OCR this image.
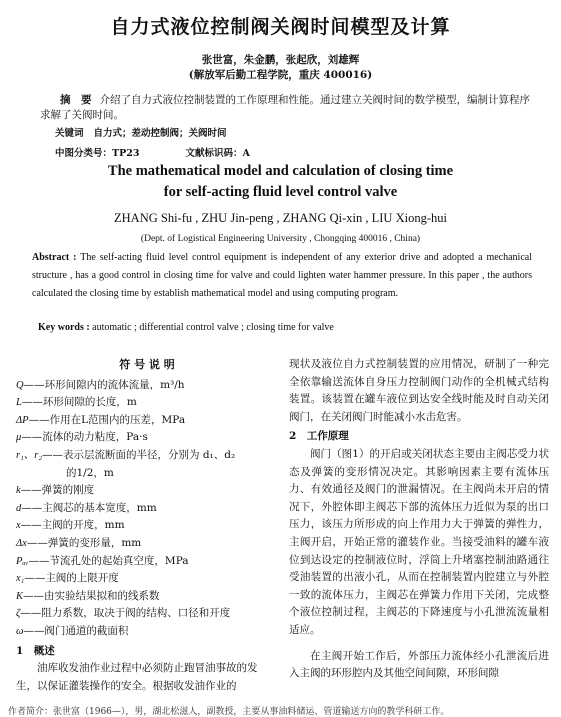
自力式液位控制阀关阀时间模型及计算
张世富，朱金鹏，张起欣，刘雄辉
(解放军后勤工程学院，重庆 400016)
摘　要 介绍了自力式液位控制装置的工作原理和性能。通过建立关阀时间的数学模型，编制计算程序求解了关阀时间。
关键词 自力式；差动控制阀；关阀时间
中图分类号：TP23	文献标识码：A
The mathematical model and calculation of closing time
for self-acting fluid level control valve
ZHANG Shi-fu , ZHU Jin-peng , ZHANG Qi-xin , LIU Xiong-hui
(Dept. of Logistical Engineering University , Chongqing 400016 , China)
Abstract : The self-acting fluid level control equipment is independent of any exterior drive and adopted a mechanical structure , has a good control in closing time for valve and could lighten water hammer pressure. In this paper , the authors calculated the closing time by establish mathematical model and using computing program.
Key words : automatic ; differential control valve ; closing time for valve
符 号 说 明
Q——环形间隙内的流体流量，m³/h
L——环形间隙的长度，m
ΔP——作用在L范围内的压差，MPa
μ——流体的动力粘度，Pa·s
r₁、r₂——表示层流断面的半径，分别为 d₁、d₂
的1/2，m
k——弹簧的刚度
d——主阀芯的基本宽度，mm
x——主阀的开度，mm
Δx——弹簧的变形量，mm
Pₐᵥ——节流孔处的起始真空度，MPa
x₁——主阀的上限开度
K——由实验结果拟和的线系数
ζ——阻力系数，取决于阀的结构、口径和开度
ω——阀门通道的截面积
1　概述

油库收发油作业过程中必须防止跑冒油事故的发生，以保证灌装操作的安全。根据收发油作业的

现状及液位自力式控制装置的应用情况，研制了一种完全依靠输送流体自身压力控制阀门动作的全机械式结构装置。该装置在罐车液位到达安全线时能及时自动关闭阀门，在关闭阀门时能减小水击危害。

2　工作原理

阀门（图1）的开启或关闭状态主要由主阀芯受力状态及弹簧的变形情况决定。其影响因素主要有流体压力、有效通径及阀门的泄漏情况。在主阀尚未开启的情况下，外腔体即主阀芯下部的流体压力近似为泵的出口压力，该压力所形成的向上作用力大于弹簧的弹性力，主阀开启，开始正常的灌装作业。当接受油料的罐车液位到达设定的控制液位时，浮筒上升堵塞控制油路通往受油装置的出液小孔，从而在控制装置内腔建立与外腔一致的流体压力，主阀芯在弹簧力作用下关闭，完成整个液位控制过程，主阀芯的下降速度与小孔泄流流量相适应。

在主阀开始工作后，外部压力流体经小孔泄流后进入主阀的环形腔内及其他空间间隙，环形间隙

作者简介：张世富（1966—），男，湖北松滋人，副教授，主要从事油料储运、管道输送方向的教学科研工作。
